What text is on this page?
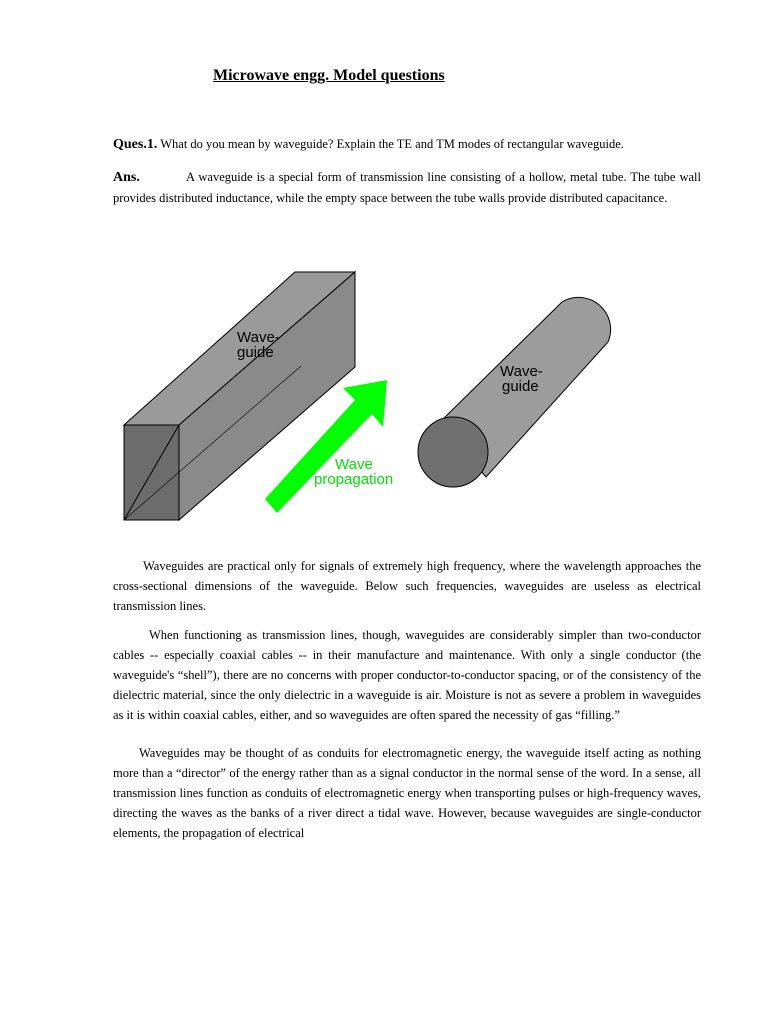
Microwave engg. Model questions

Ques.1. What do you mean by waveguide? Explain the TE and TM modes of rectangular waveguide.

Ans.	A waveguide is a special form of transmission line consisting of a hollow, metal tube. The tube wall provides distributed inductance, while the empty space between the tube walls provide distributed capacitance.

Wave-
guide
Wave
propagation
Wave-
guide

Waveguides are practical only for signals of extremely high frequency, where the wavelength approaches the cross-sectional dimensions of the waveguide. Below such frequencies, waveguides are useless as electrical transmission lines.

When functioning as transmission lines, though, waveguides are considerably simpler than two-conductor cables -- especially coaxial cables -- in their manufacture and maintenance. With only a single conductor (the waveguide's “shell”), there are no concerns with proper conductor-to-conductor spacing, or of the consistency of the dielectric material, since the only dielectric in a waveguide is air. Moisture is not as severe a problem in waveguides as it is within coaxial cables, either, and so waveguides are often spared the necessity of gas “filling.”

Waveguides may be thought of as conduits for electromagnetic energy, the waveguide itself acting as nothing more than a “director” of the energy rather than as a signal conductor in the normal sense of the word. In a sense, all transmission lines function as conduits of electromagnetic energy when transporting pulses or high-frequency waves, directing the waves as the banks of a river direct a tidal wave. However, because waveguides are single-conductor elements, the propagation of electrical
